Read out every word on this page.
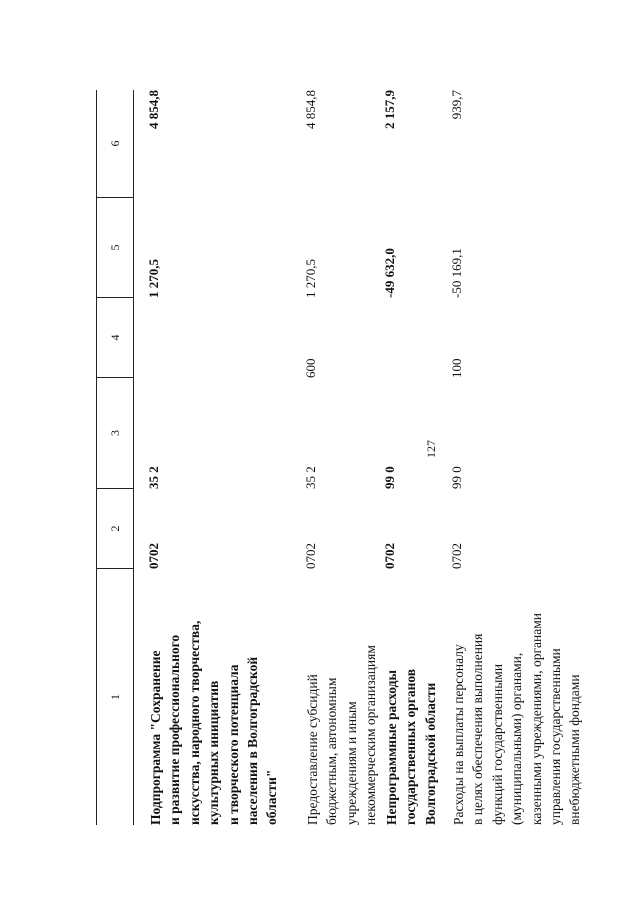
127
1
2
3
4
5
6
Подпрограмма "Сохранение и развитие профессионального искусства, народного творчества, культурных инициатив и творческого потенциала населения в Волгоградской области"
0702
35 2
1 270,5
4 854,8
Предоставление субсидий бюджетным, автономным учреждениям и иным некоммерческим организациям
0702
35 2
600
1 270,5
4 854,8
Непрограммные расходы государственных органов Волгоградской области
0702
99 0
-49 632,0
2 157,9
Расходы на выплаты персоналу в целях обеспечения выполнения функций государственными (муниципальными) органами, казенными учреждениями, органами управления государственными внебюджетными фондами
0702
99 0
100
-50 169,1
939,7
